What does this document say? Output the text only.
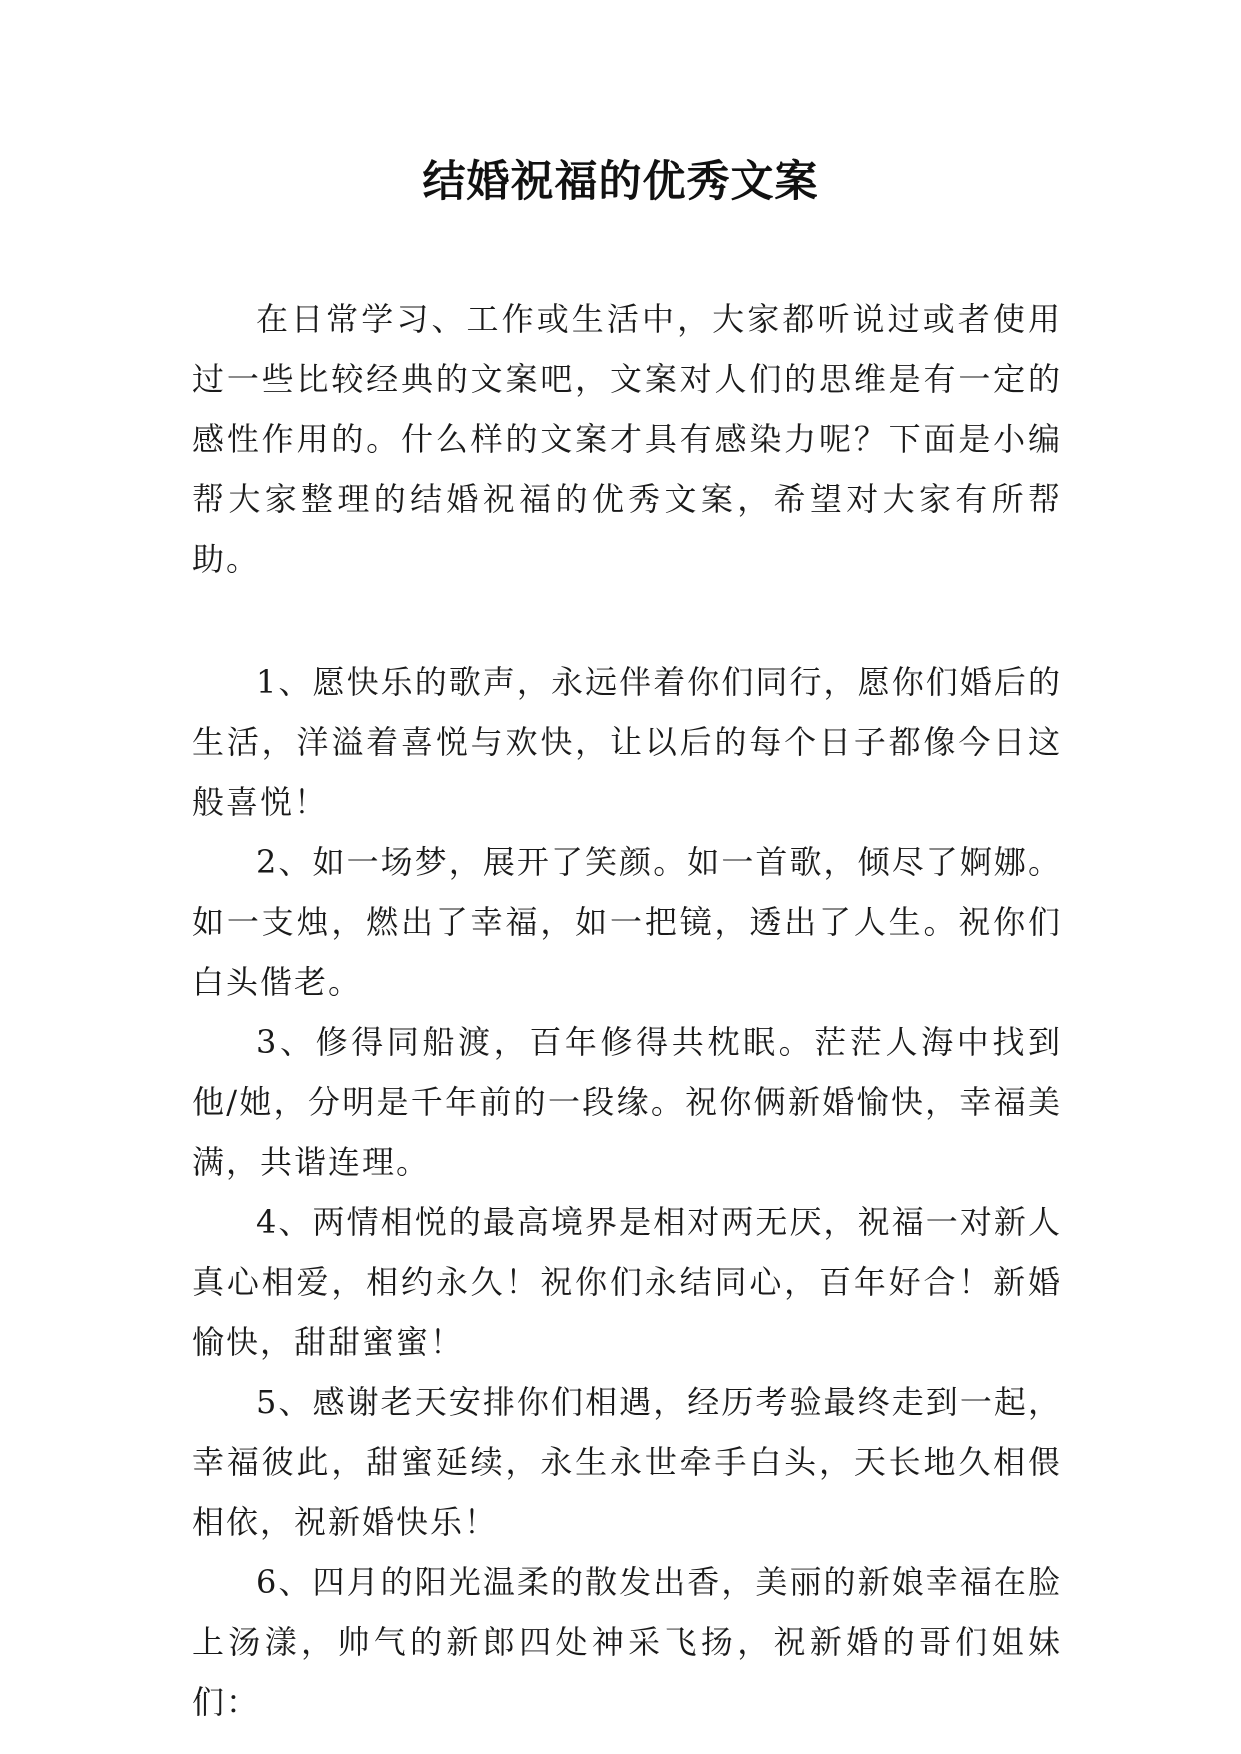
结婚祝福的优秀文案

在日常学习、工作或生活中，大家都听说过或者使用过一些比较经典的文案吧，文案对人们的思维是有一定的感性作用的。什么样的文案才具有感染力呢？下面是小编帮大家整理的结婚祝福的优秀文案，希望对大家有所帮助。

1、愿快乐的歌声，永远伴着你们同行，愿你们婚后的生活，洋溢着喜悦与欢快，让以后的每个日子都像今日这般喜悦！

2、如一场梦，展开了笑颜。如一首歌，倾尽了婀娜。如一支烛，燃出了幸福，如一把镜，透出了人生。祝你们白头偕老。

3、修得同船渡，百年修得共枕眠。茫茫人海中找到他/她，分明是千年前的一段缘。祝你俩新婚愉快，幸福美满，共谐连理。

4、两情相悦的最高境界是相对两无厌，祝福一对新人真心相爱，相约永久！祝你们永结同心，百年好合！新婚愉快，甜甜蜜蜜！

5、感谢老天安排你们相遇，经历考验最终走到一起，幸福彼此，甜蜜延续，永生永世牵手白头，天长地久相偎相依，祝新婚快乐！

6、四月的阳光温柔的散发出香，美丽的新娘幸福在脸上汤漾，帅气的新郎四处神采飞扬，祝新婚的哥们姐妹们：
